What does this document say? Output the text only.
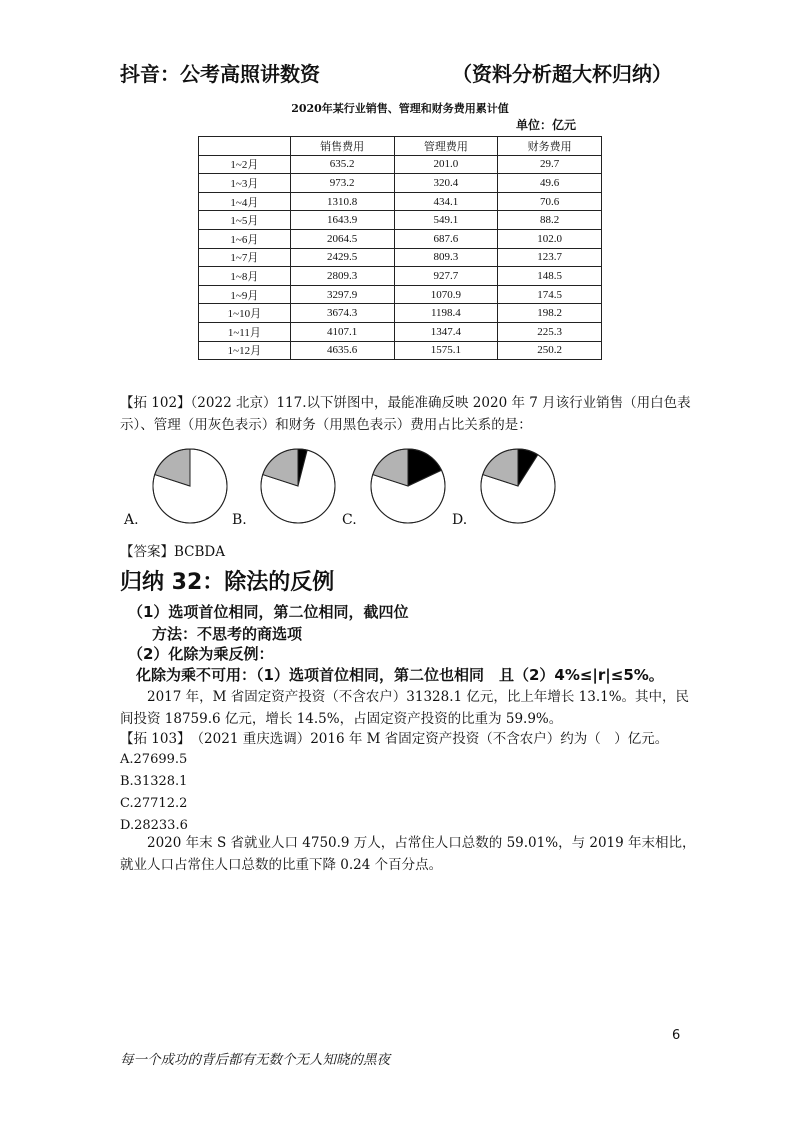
抖音：公考高照讲数资	（资料分析超大杯归纳）
2020年某行业销售、管理和财务费用累计值
单位：亿元
	销售费用	管理费用	财务费用
1~2月	635.2	201.0	29.7
1~3月	973.2	320.4	49.6
1~4月	1310.8	434.1	70.6
1~5月	1643.9	549.1	88.2
1~6月	2064.5	687.6	102.0
1~7月	2429.5	809.3	123.7
1~8月	2809.3	927.7	148.5
1~9月	3297.9	1070.9	174.5
1~10月	3674.3	1198.4	198.2
1~11月	4107.1	1347.4	225.3
1~12月	4635.6	1575.1	250.2
【拓 102】（2022 北京）117.以下饼图中，最能准确反映 2020 年 7 月该行业销售（用白色表示）、管理（用灰色表示）和财务（用黑色表示）费用占比关系的是：
A.	B.	C.	D.
【答案】BCBDA
归纳 32：除法的反例
（1）选项首位相同，第二位相同，截四位
方法：不思考的商选项
（2）化除为乘反例：
化除为乘不可用：（1）选项首位相同，第二位也相同　且（2）4%≤|r|≤5%。
2017 年，M 省固定资产投资（不含农户）31328.1 亿元，比上年增长 13.1%。其中，民间投资 18759.6 亿元，增长 14.5%，占固定资产投资的比重为 59.9%。
【拓 103】　（2021 重庆选调）2016 年 M 省固定资产投资（不含农户）约为（　）亿元。
A.27699.5
B.31328.1
C.27712.2
D.28233.6
2020 年末 S 省就业人口 4750.9 万人，占常住人口总数的 59.01%，与 2019 年末相比，就业人口占常住人口总数的比重下降 0.24 个百分点。
6
每一个成功的背后都有无数个无人知晓的黑夜
